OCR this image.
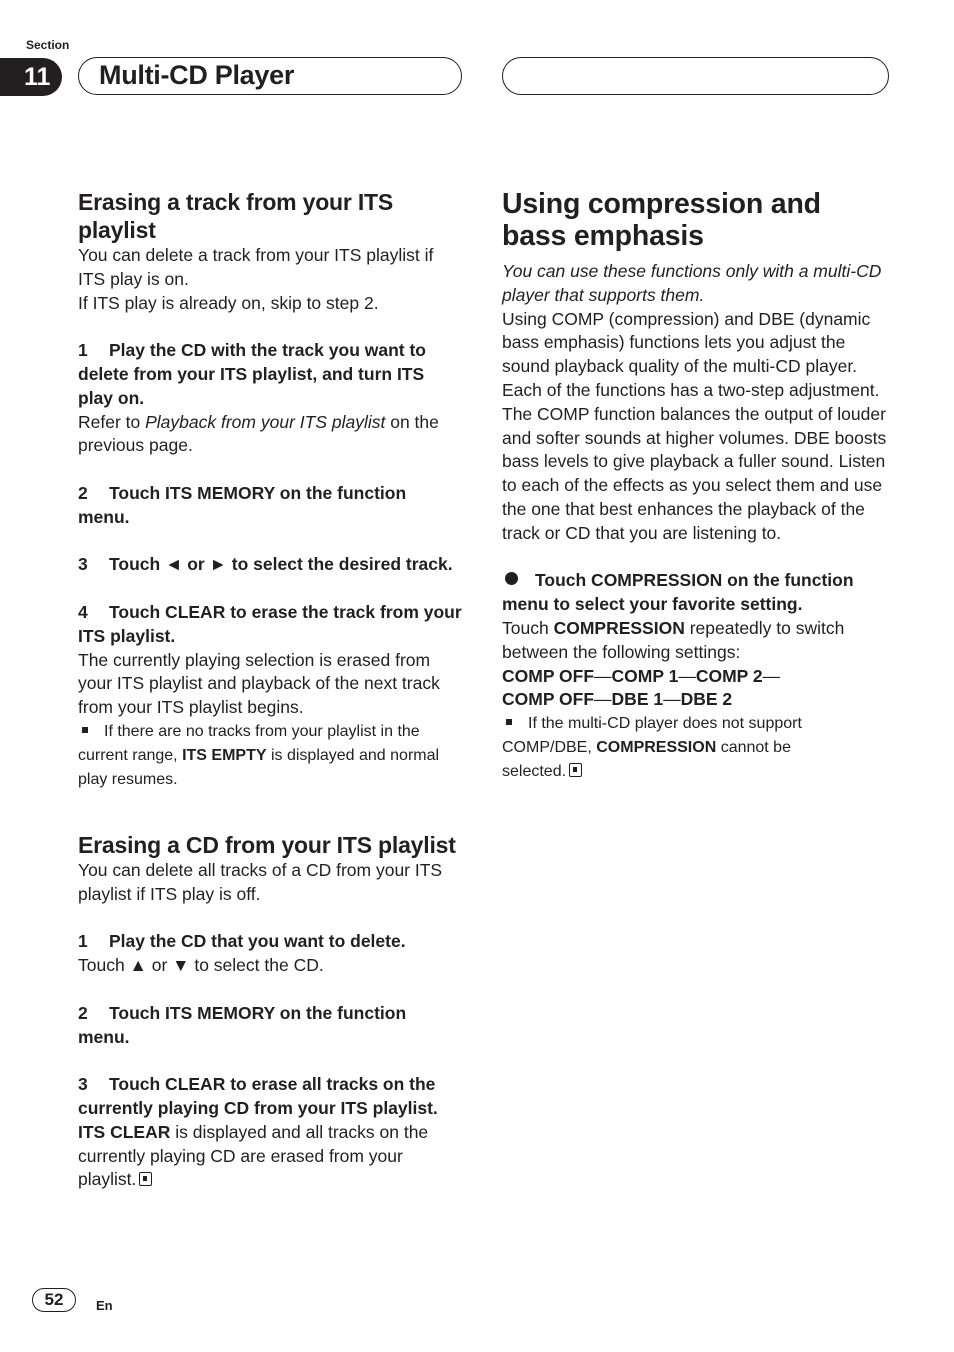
Section
11	Multi-CD Player
Erasing a track from your ITS playlist

You can delete a track from your ITS playlist if ITS play is on.

If ITS play is already on, skip to step 2.

1 Play the CD with the track you want to delete from your ITS playlist, and turn ITS play on.

Refer to Playback from your ITS playlist on the previous page.

2 Touch ITS MEMORY on the function menu.

3 Touch ◄ or ► to select the desired track.

4 Touch CLEAR to erase the track from your ITS playlist.

The currently playing selection is erased from your ITS playlist and playback of the next track from your ITS playlist begins.

If there are no tracks from your playlist in the current range, ITS EMPTY is displayed and normal play resumes.

Erasing a CD from your ITS playlist

You can delete all tracks of a CD from your ITS playlist if ITS play is off.

1 Play the CD that you want to delete.

Touch ▲ or ▼ to select the CD.

2 Touch ITS MEMORY on the function menu.

3 Touch CLEAR to erase all tracks on the currently playing CD from your ITS playlist.

ITS CLEAR is displayed and all tracks on the currently playing CD are erased from your playlist.

Using compression and bass emphasis

You can use these functions only with a multi-CD player that supports them.

Using COMP (compression) and DBE (dynamic bass emphasis) functions lets you adjust the sound playback quality of the multi-CD player. Each of the functions has a two-step adjustment. The COMP function balances the output of louder and softer sounds at higher volumes. DBE boosts bass levels to give playback a fuller sound. Listen to each of the effects as you select them and use the one that best enhances the playback of the track or CD that you are listening to.

Touch COMPRESSION on the function menu to select your favorite setting.

Touch COMPRESSION repeatedly to switch between the following settings:

COMP OFF—COMP 1—COMP 2—

COMP OFF—DBE 1—DBE 2

If the multi-CD player does not support COMP/DBE, COMPRESSION cannot be selected.

52	En
